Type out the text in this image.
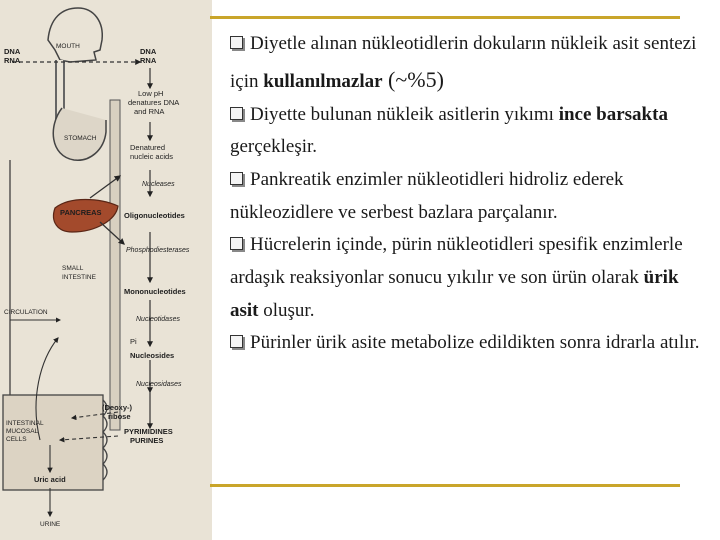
DNA RNA
MOUTH
DNA RNA
Low pH denatures DNA and RNA
STOMACH
Denatured nucleic acids
Nucleases
PANCREAS	Oligonucleotides
Phosphodiesterases
SMALL INTESTINE
Mononucleotides
CIRCULATION
Nucleotidases
Pi
Nucleosides
Nucleosidases
(Deoxy-) ribose
INTESTINAL MUCOSAL CELLS
PYRIMIDINES PURINES
Uric acid
URINE

Diyetle alınan nükleotidlerin dokuların nükleik asit sentezi için kullanılmazlar (~%5)

Diyette bulunan nükleik asitlerin yıkımı ince barsakta gerçekleşir.

Pankreatik enzimler nükleotidleri hidroliz ederek nükleozidlere ve serbest bazlara parçalanır.

Hücrelerin içinde, pürin nükleotidleri spesifik enzimlerle ardaşık reaksiyonlar sonucu yıkılır ve son ürün olarak ürik asit oluşur.

Pürinler ürik asite metabolize edildikten sonra idrarla atılır.
